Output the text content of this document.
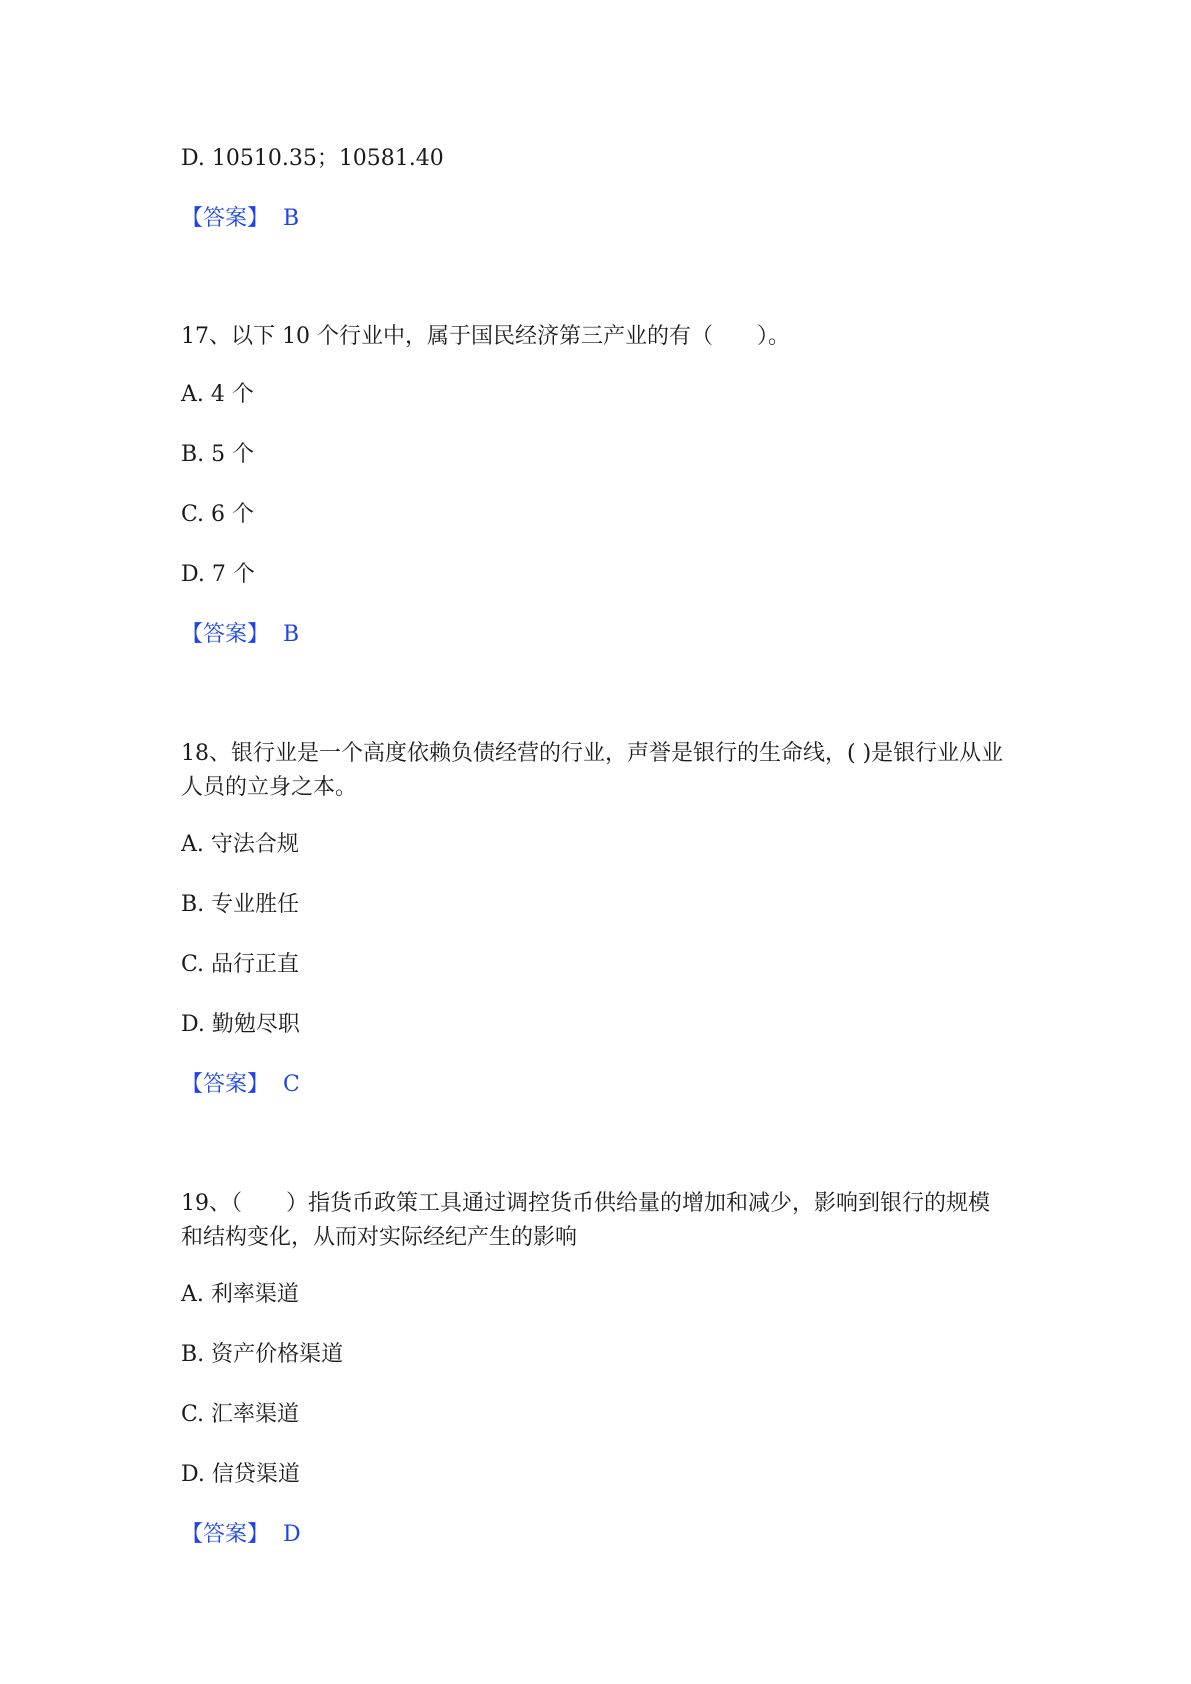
D. 10510.35；10581.40
【答案】 B
17、以下 10 个行业中，属于国民经济第三产业的有（　　）。
A. 4 个
B. 5 个
C. 6 个
D. 7 个
【答案】 B
18、银行业是一个高度依赖负债经营的行业，声誉是银行的生命线，( )是银行业从业人员的立身之本。
A. 守法合规
B. 专业胜任
C. 品行正直
D. 勤勉尽职
【答案】 C
19、（　　）指货币政策工具通过调控货币供给量的增加和减少，影响到银行的规模和结构变化，从而对实际经纪产生的影响
A. 利率渠道
B. 资产价格渠道
C. 汇率渠道
D. 信贷渠道
【答案】 D
